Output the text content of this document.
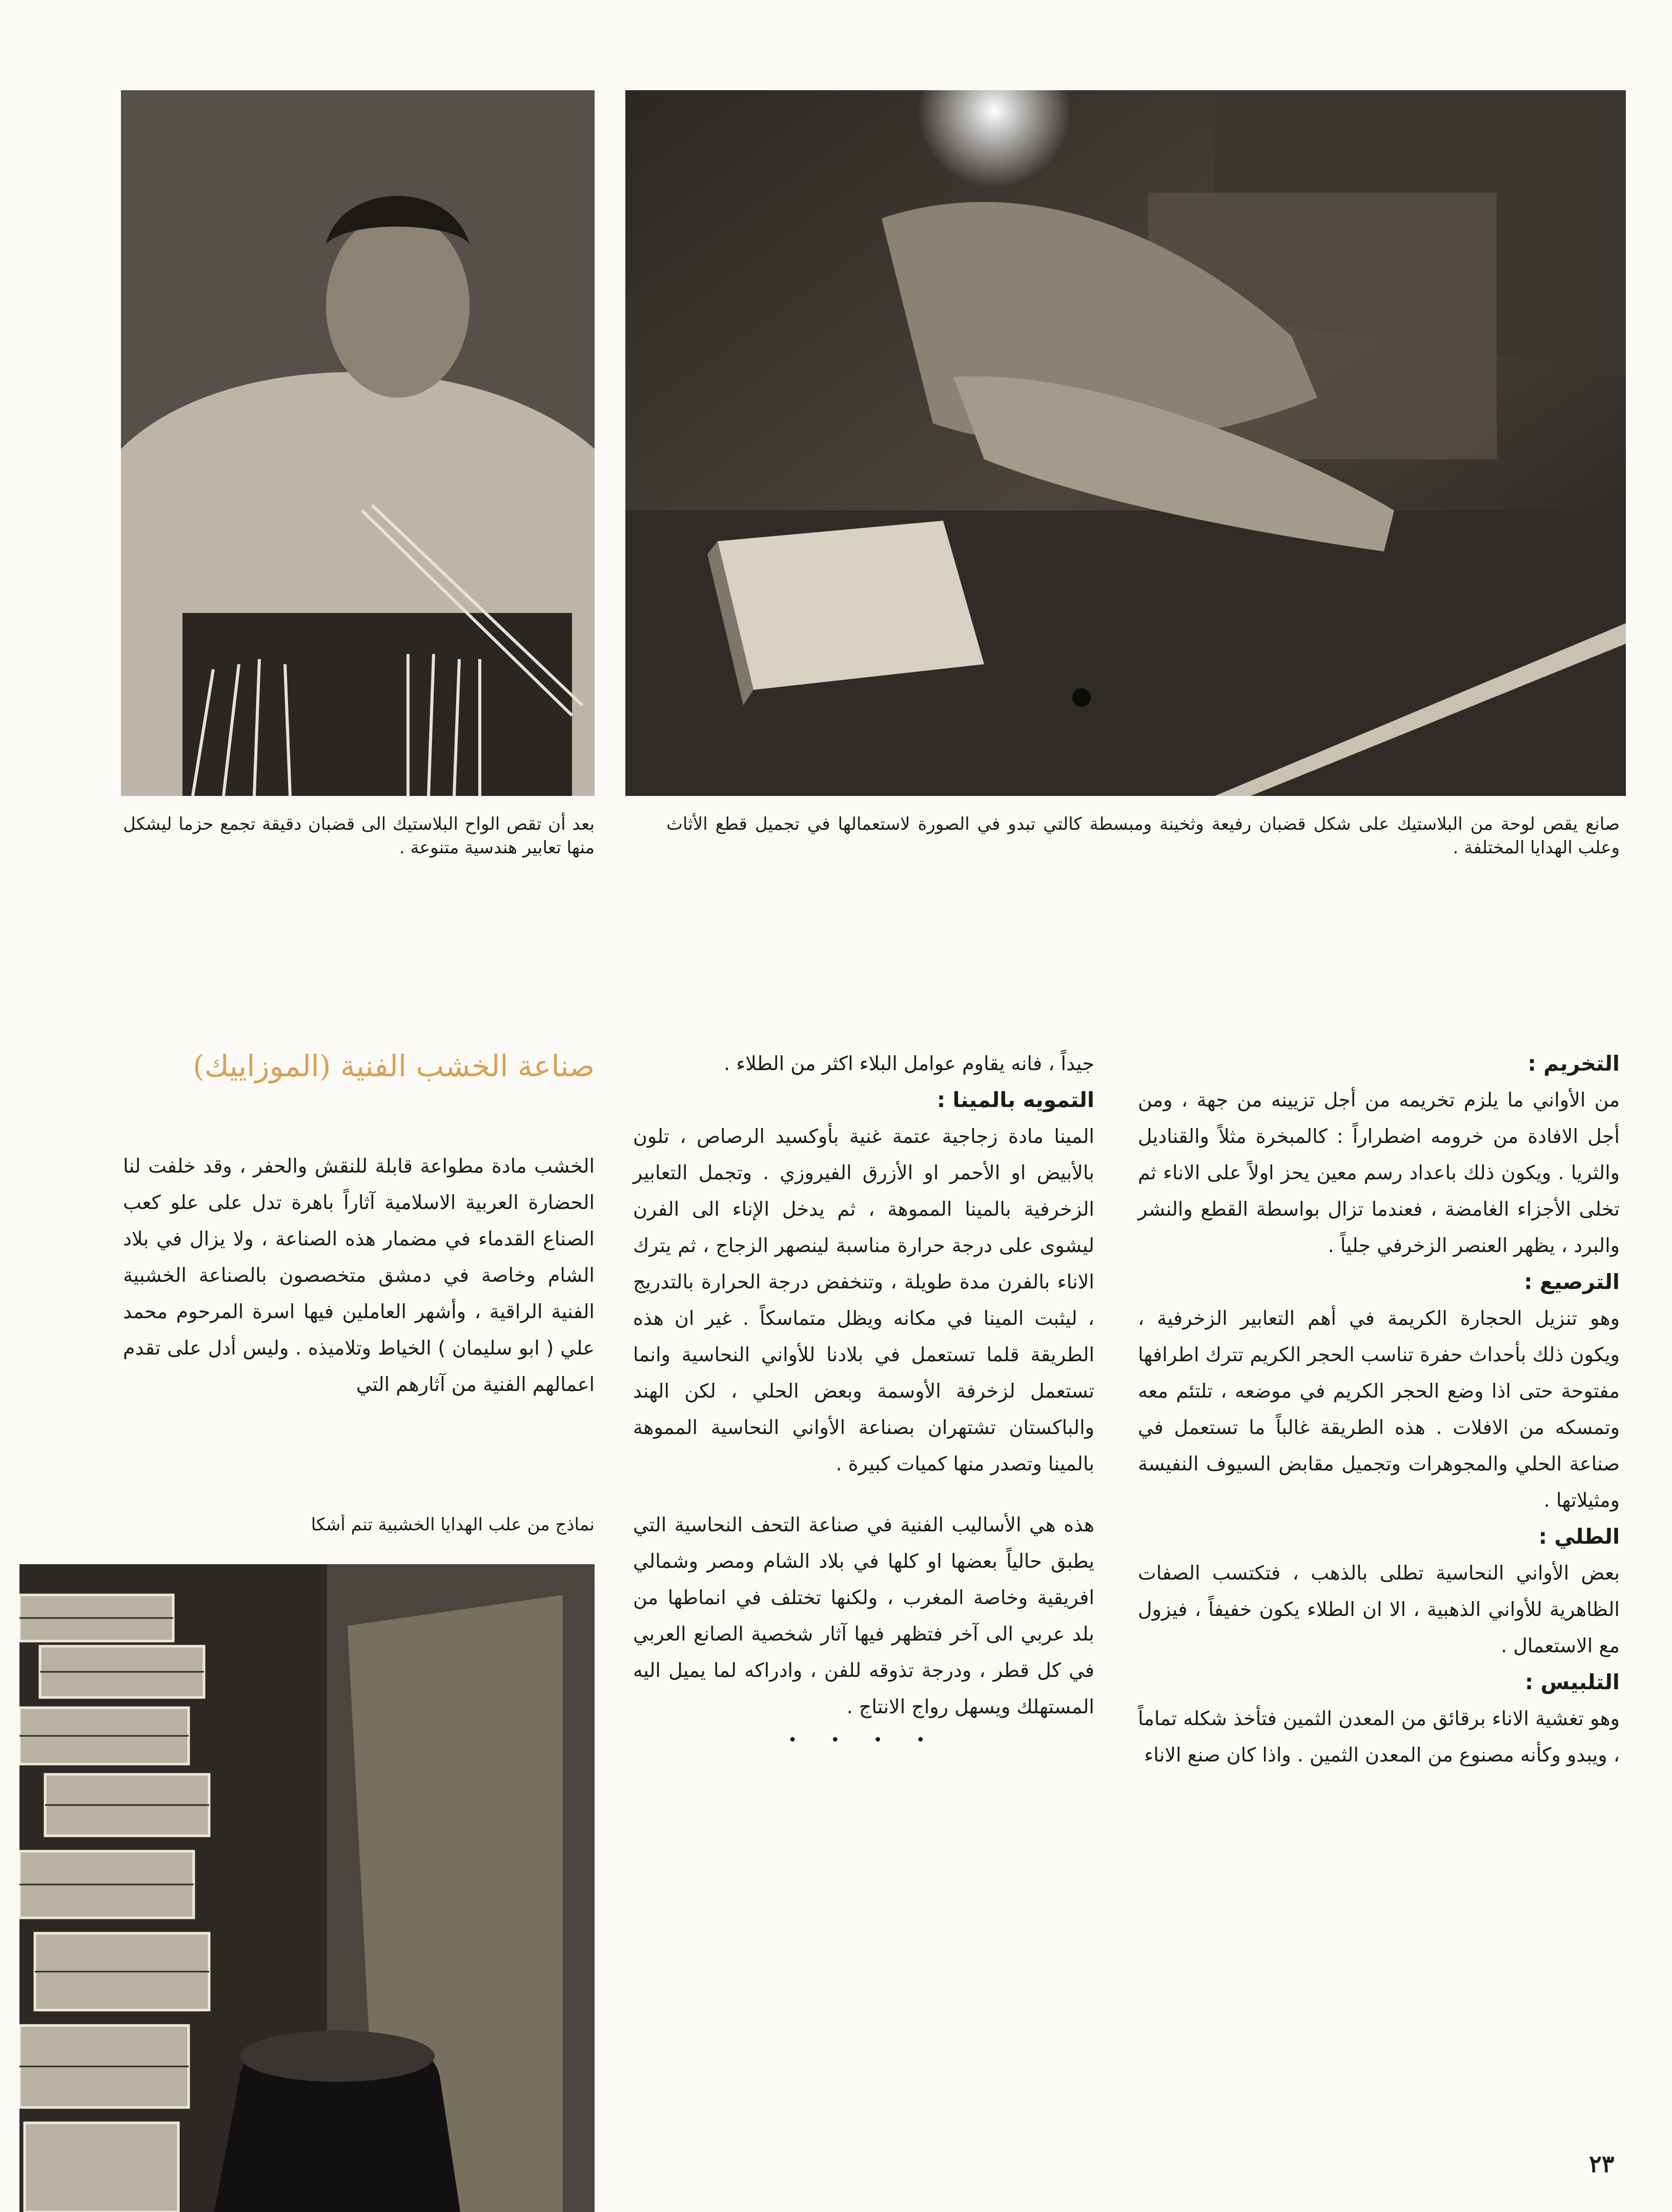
صانع يقص لوحة من البلاستيك على شكل قضبان رفيعة وثخينة ومبسطة كالتي تبدو في الصورة لاستعمالها في تجميل قطع الأثاث وعلب الهدايا المختلفة .
بعد أن تقص الواح البلاستيك الى قضبان دقيقة تجمع حزما ليشكل منها تعابير هندسية متنوعة .
صناعة الخشب الفنية (الموزاييك)

الخشب مادة مطواعة قابلة للنقش والحفر ، وقد خلفت لنا الحضارة العربية الاسلامية آثاراً باهرة تدل على علو كعب الصناع القدماء في مضمار هذه الصناعة ، ولا يزال في بلاد الشام وخاصة في دمشق متخصصون بالصناعة الخشبية الفنية الراقية ، وأشهر العاملين فيها اسرة المرحوم محمد علي ( ابو سليمان ) الخياط وتلاميذه . وليس أدل على تقدم اعمالهم الفنية من آثارهم التي

نماذج من علب الهدايا الخشبية تنم أشكا

جيداً ، فانه يقاوم عوامل البلاء اكثر من الطلاء .

التمويه بالمينا :

المينا مادة زجاجية عتمة غنية بأوكسيد الرصاص ، تلون بالأبيض او الأحمر او الأزرق الفيروزي . وتجمل التعابير الزخرفية بالمينا المموهة ، ثم يدخل الإناء الى الفرن ليشوى على درجة حرارة مناسبة لينصهر الزجاج ، ثم يترك الاناء بالفرن مدة طويلة ، وتنخفض درجة الحرارة بالتدريج ، ليثبت المينا في مكانه ويظل متماسكاً . غير ان هذه الطريقة قلما تستعمل في بلادنا للأواني النحاسية وانما تستعمل لزخرفة الأوسمة وبعض الحلي ، لكن الهند والباكستان تشتهران بصناعة الأواني النحاسية المموهة بالمينا وتصدر منها كميات كبيرة .

هذه هي الأساليب الفنية في صناعة التحف النحاسية التي يطبق حالياً بعضها او كلها في بلاد الشام ومصر وشمالي افريقية وخاصة المغرب ، ولكنها تختلف في انماطها من بلد عربي الى آخر فتظهر فيها آثار شخصية الصانع العربي في كل قطر ، ودرجة تذوقه للفن ، وادراكه لما يميل اليه المستهلك ويسهل رواج الانتاج .

• • • •
التخريم :

من الأواني ما يلزم تخريمه من أجل تزيينه من جهة ، ومن أجل الافادة من خرومه اضطراراً : كالمبخرة مثلاً والقناديل والثريا . ويكون ذلك باعداد رسم معين يحز اولاً على الاناء ثم تخلى الأجزاء الغامضة ، فعندما تزال بواسطة القطع والنشر والبرد ، يظهر العنصر الزخرفي جلياً .

الترصيع :

وهو تنزيل الحجارة الكريمة في أهم التعابير الزخرفية ، ويكون ذلك بأحداث حفرة تناسب الحجر الكريم تترك اطرافها مفتوحة حتى اذا وضع الحجر الكريم في موضعه ، تلتئم معه وتمسكه من الافلات . هذه الطريقة غالباً ما تستعمل في صناعة الحلي والمجوهرات وتجميل مقابض السيوف النفيسة ومثيلاتها .

الطلي :

بعض الأواني النحاسية تطلى بالذهب ، فتكتسب الصفات الظاهرية للأواني الذهبية ، الا ان الطلاء يكون خفيفاً ، فيزول مع الاستعمال .

التلبيس :

وهو تغشية الاناء برقائق من المعدن الثمين فتأخذ شكله تماماً ، ويبدو وكأنه مصنوع من المعدن الثمين . واذا كان صنع الاناء

٢٣
